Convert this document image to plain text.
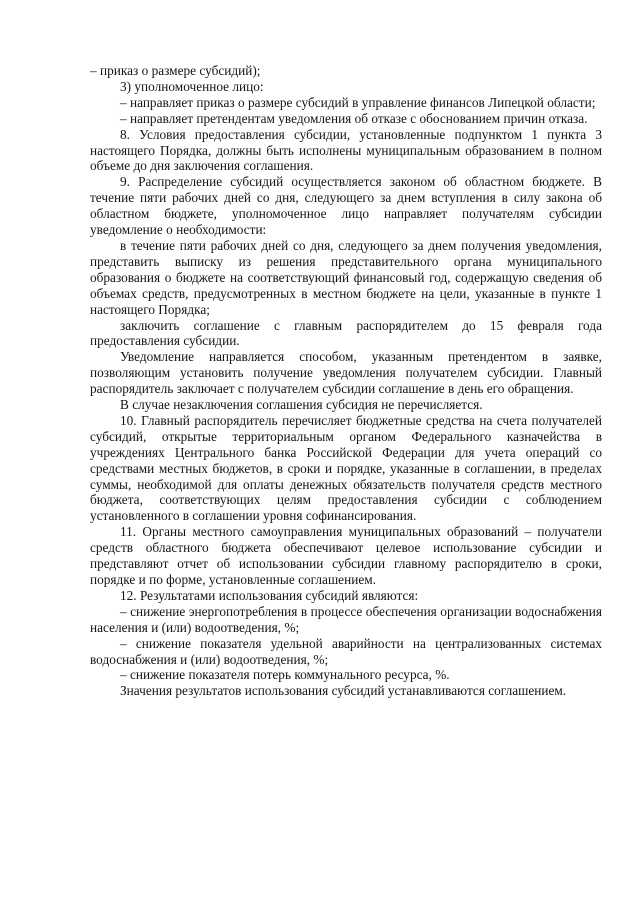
– приказ о размере субсидий);

3) уполномоченное лицо:

– направляет приказ о размере субсидий в управление финансов Липецкой области;

– направляет претендентам уведомления об отказе с обоснованием причин отказа.

8. Условия предоставления субсидии, установленные подпунктом 1 пункта 3 настоящего Порядка, должны быть исполнены муниципальным образованием в полном объеме до дня заключения соглашения.

9. Распределение субсидий осуществляется законом об областном бюджете. В течение пяти рабочих дней со дня, следующего за днем вступления в силу закона об областном бюджете, уполномоченное лицо направляет получателям субсидии уведомление о необходимости:

в течение пяти рабочих дней со дня, следующего за днем получения уведомления, представить выписку из решения представительного органа муниципального образования о бюджете на соответствующий финансовый год, содержащую сведения об объемах средств, предусмотренных в местном бюджете на цели, указанные в пункте 1 настоящего Порядка;

заключить соглашение с главным распорядителем до 15 февраля года предоставления субсидии.

Уведомление направляется способом, указанным претендентом в заявке, позволяющим установить получение уведомления получателем субсидии. Главный распорядитель заключает с получателем субсидии соглашение в день его обращения.

В случае незаключения соглашения субсидия не перечисляется.

10. Главный распорядитель перечисляет бюджетные средства на счета получателей субсидий, открытые территориальным органом Федерального казначейства в учреждениях Центрального банка Российской Федерации для учета операций со средствами местных бюджетов, в сроки и порядке, указанные в соглашении, в пределах суммы, необходимой для оплаты денежных обязательств получателя средств местного бюджета, соответствующих целям предоставления субсидии с соблюдением установленного в соглашении уровня софинансирования.

11. Органы местного самоуправления муниципальных образований – получатели средств областного бюджета обеспечивают целевое использование субсидии и представляют отчет об использовании субсидии главному распорядителю в сроки, порядке и по форме, установленные соглашением.

12. Результатами использования субсидий являются:

– снижение энергопотребления в процессе обеспечения организации водоснабжения населения и (или) водоотведения, %;

– снижение показателя удельной аварийности на централизованных системах водоснабжения и (или) водоотведения, %;

– снижение показателя потерь коммунального ресурса, %.

Значения результатов использования субсидий устанавливаются соглашением.
